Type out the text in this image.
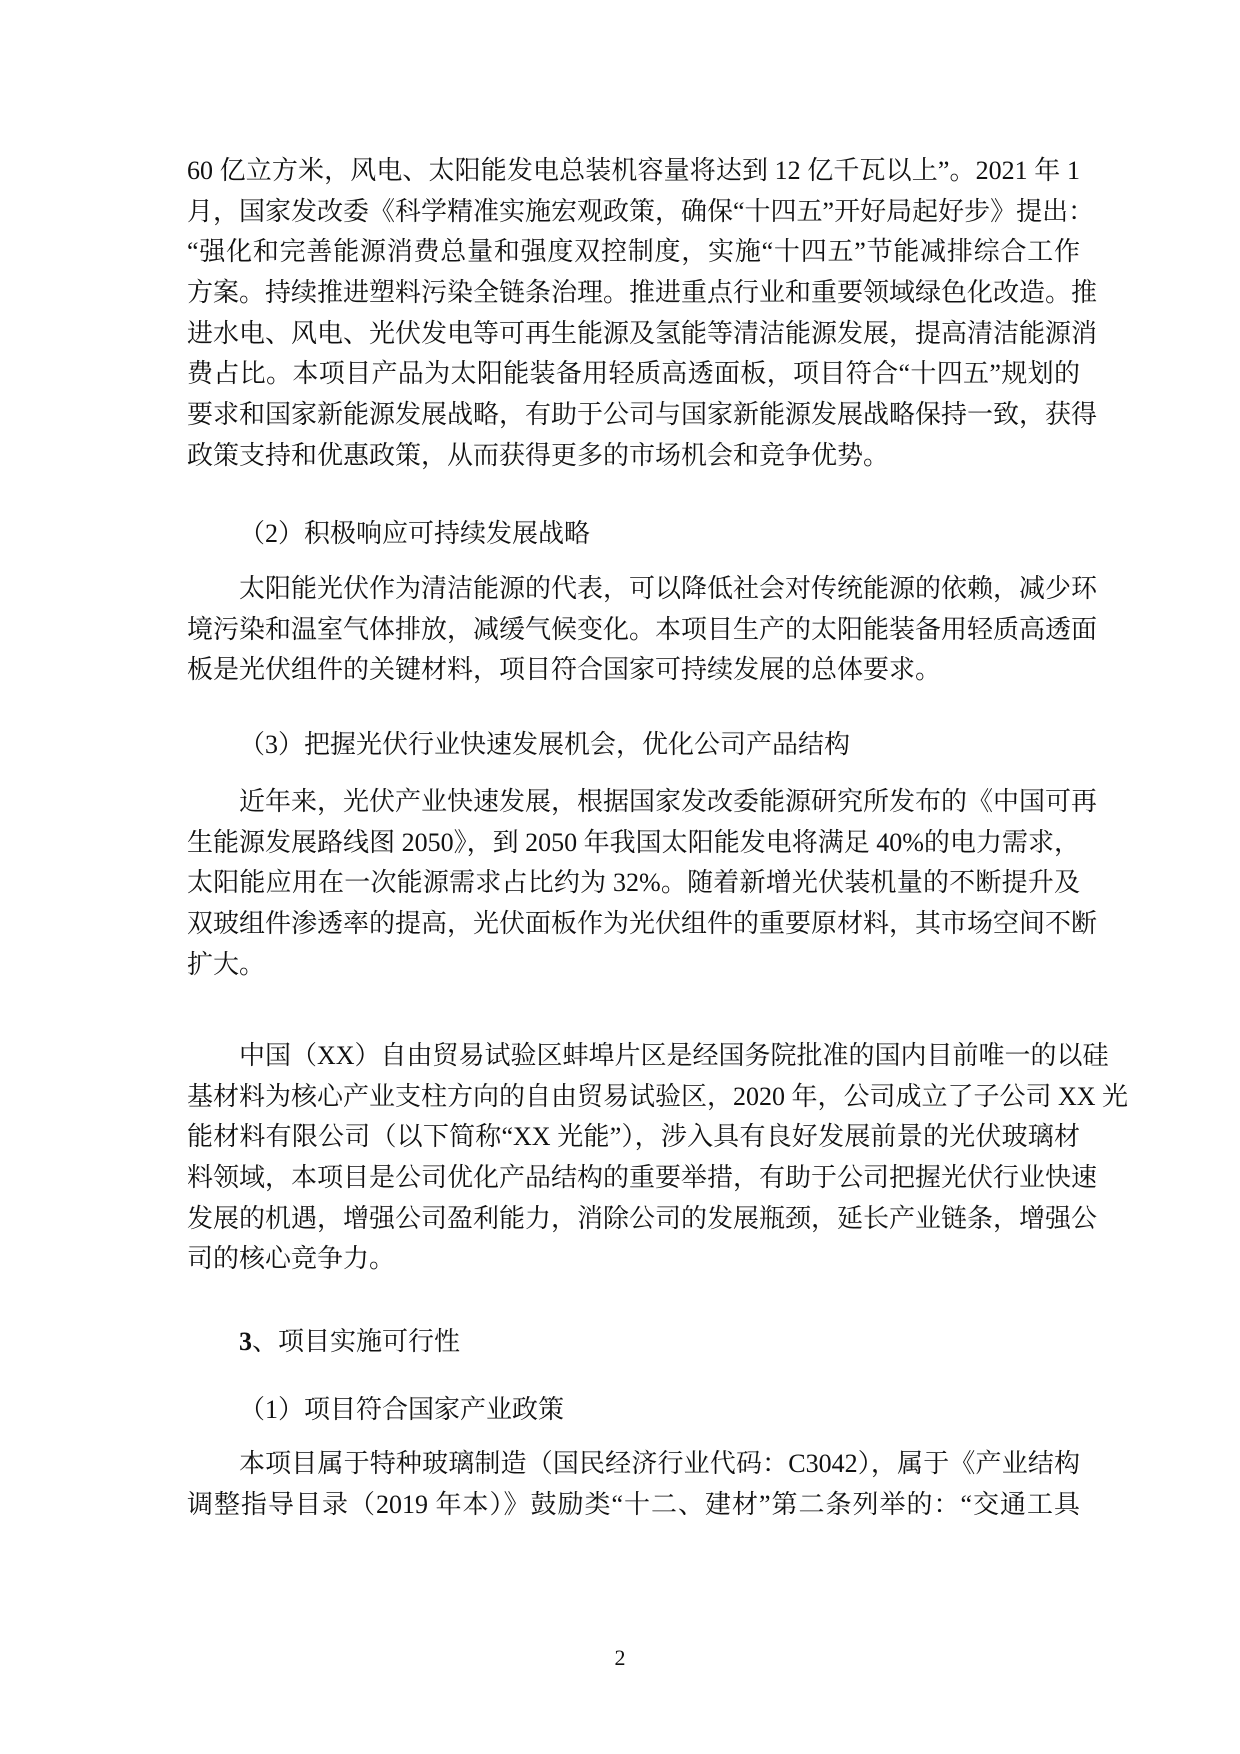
60 亿立方米，风电、太阳能发电总装机容量将达到 12 亿千瓦以上”。2021 年 1
月，国家发改委《科学精准实施宏观政策，确保“十四五”开好局起好步》提出：
“强化和完善能源消费总量和强度双控制度，实施“十四五”节能减排综合工作
方案。持续推进塑料污染全链条治理。推进重点行业和重要领域绿色化改造。推
进水电、风电、光伏发电等可再生能源及氢能等清洁能源发展，提高清洁能源消
费占比。本项目产品为太阳能装备用轻质高透面板，项目符合“十四五”规划的
要求和国家新能源发展战略，有助于公司与国家新能源发展战略保持一致，获得
政策支持和优惠政策，从而获得更多的市场机会和竞争优势。
（2）积极响应可持续发展战略
太阳能光伏作为清洁能源的代表，可以降低社会对传统能源的依赖，减少环
境污染和温室气体排放，减缓气候变化。本项目生产的太阳能装备用轻质高透面
板是光伏组件的关键材料，项目符合国家可持续发展的总体要求。
（3）把握光伏行业快速发展机会，优化公司产品结构
近年来，光伏产业快速发展，根据国家发改委能源研究所发布的《中国可再
生能源发展路线图 2050》，到 2050 年我国太阳能发电将满足 40%的电力需求，
太阳能应用在一次能源需求占比约为 32%。随着新增光伏装机量的不断提升及
双玻组件渗透率的提高，光伏面板作为光伏组件的重要原材料，其市场空间不断
扩大。
中国（XX）自由贸易试验区蚌埠片区是经国务院批准的国内目前唯一的以硅
基材料为核心产业支柱方向的自由贸易试验区，2020 年，公司成立了子公司 XX 光
能材料有限公司（以下简称“XX 光能”），涉入具有良好发展前景的光伏玻璃材
料领域，本项目是公司优化产品结构的重要举措，有助于公司把握光伏行业快速
发展的机遇，增强公司盈利能力，消除公司的发展瓶颈，延长产业链条，增强公
司的核心竞争力。
3、项目实施可行性
（1）项目符合国家产业政策
本项目属于特种玻璃制造（国民经济行业代码：C3042），属于《产业结构
调整指导目录（2019 年本）》鼓励类“十二、建材”第二条列举的：“交通工具
2
